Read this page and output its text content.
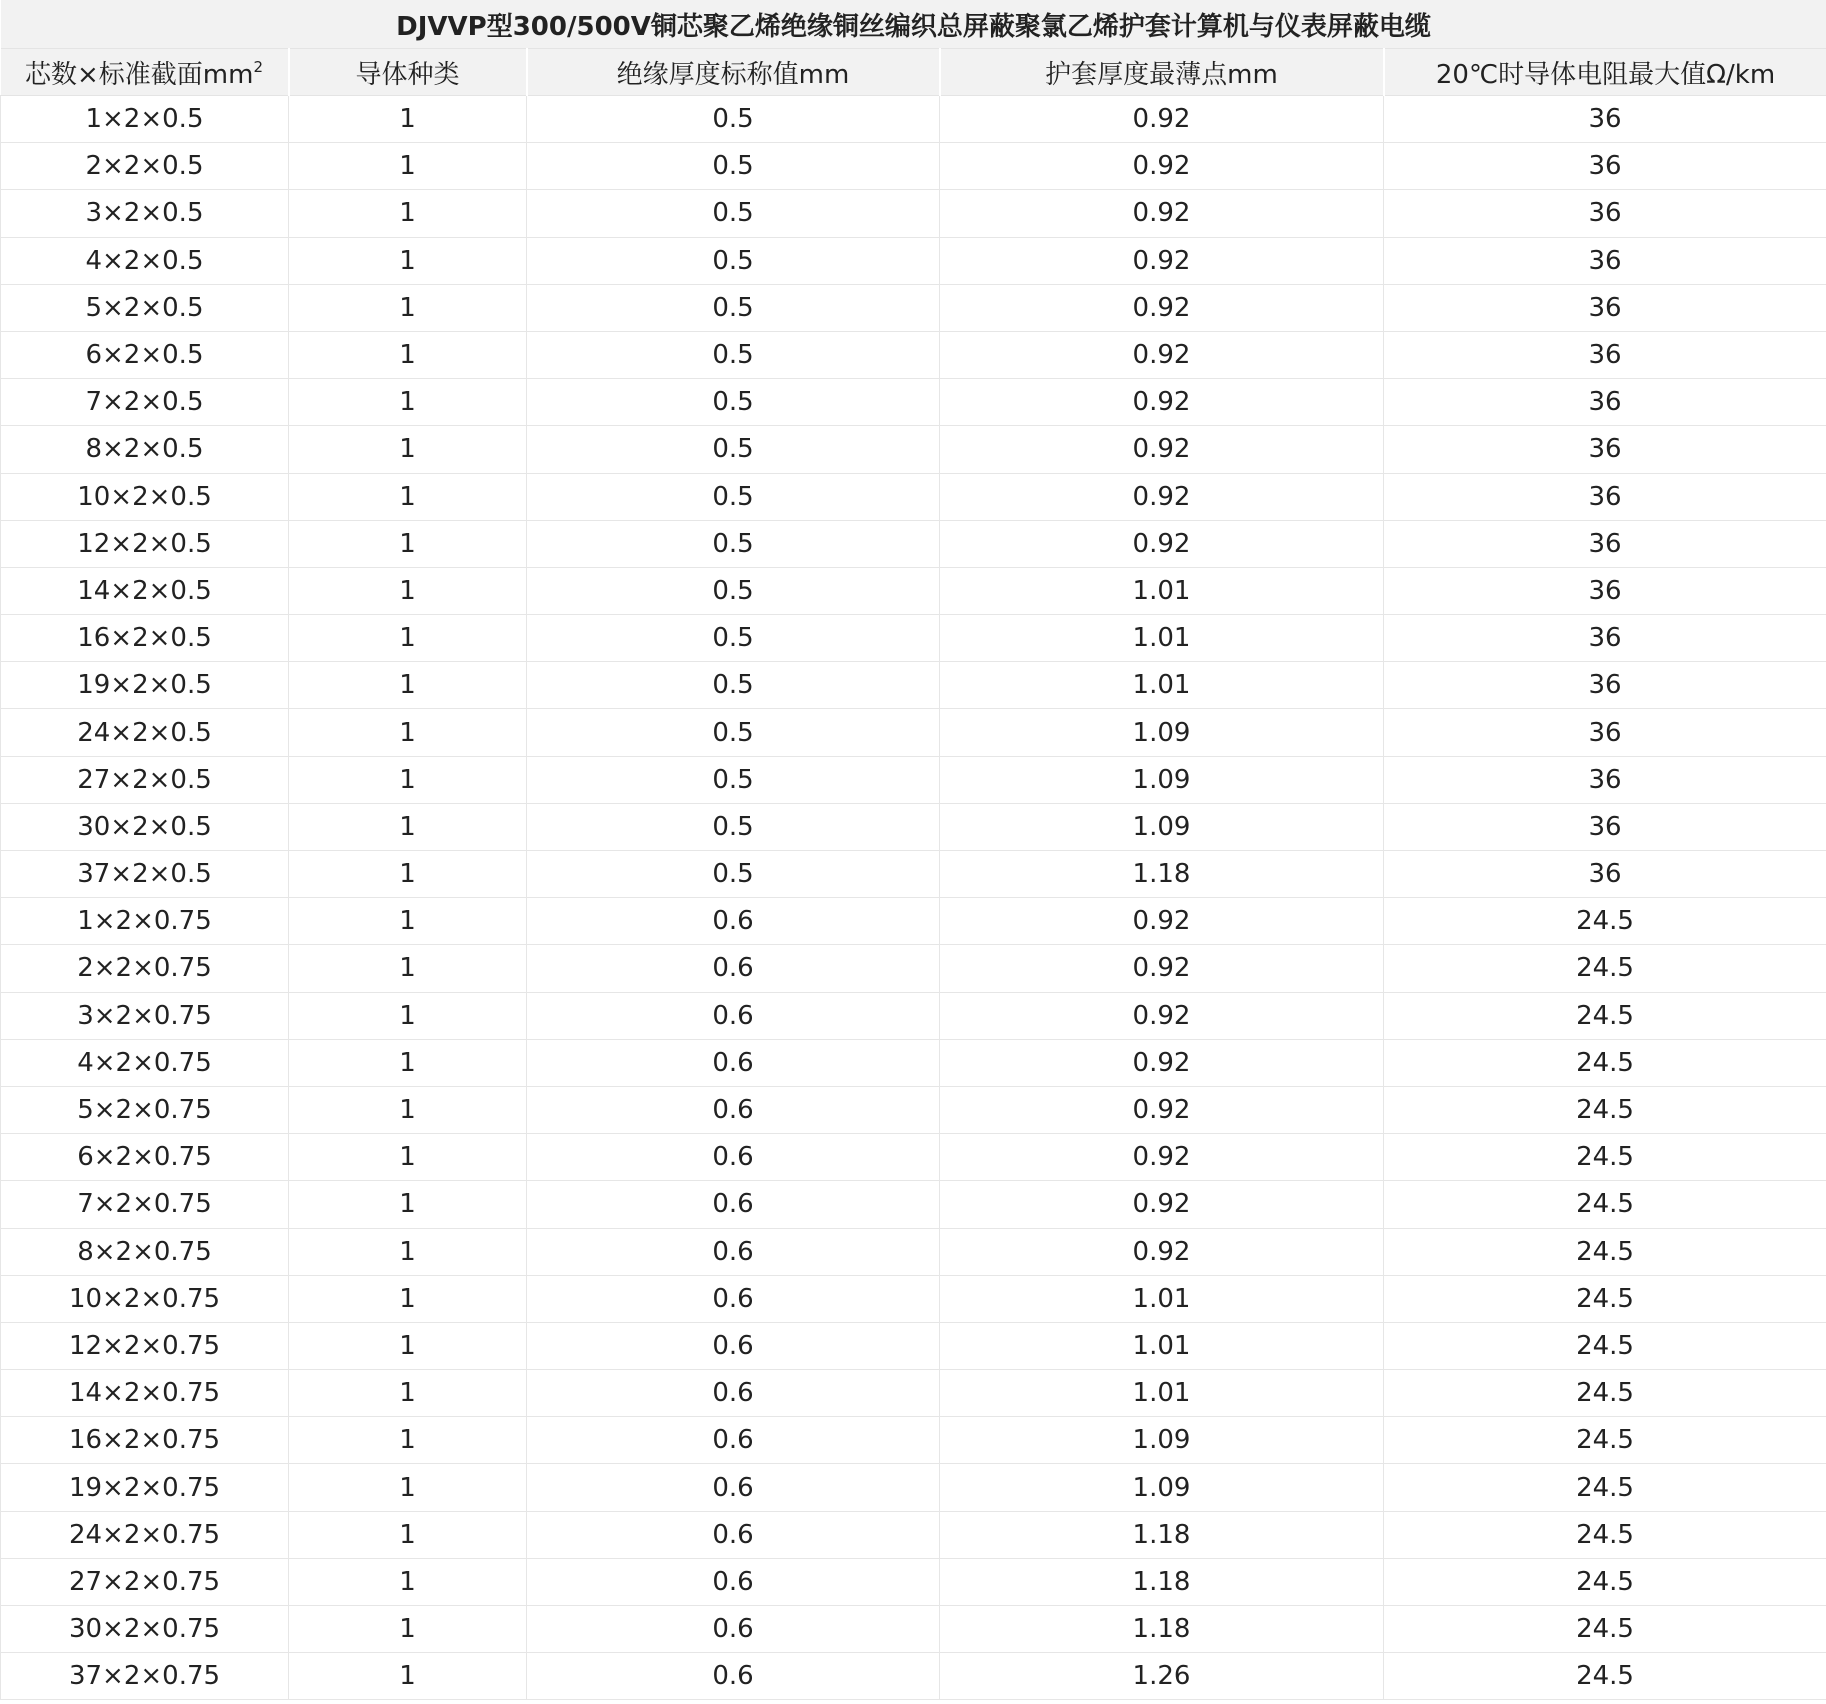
DJVVP型300/500V铜芯聚乙烯绝缘铜丝编织总屏蔽聚氯乙烯护套计算机与仪表屏蔽电缆				
芯数×标准截面$mm^2$	导体种类	绝缘厚度标称值mm	护套厚度最薄点mm	20℃时导体电阻最大值Ω/km
1×2×0.5	1	0.5	0.92	36
2×2×0.5	1	0.5	0.92	36
3×2×0.5	1	0.5	0.92	36
4×2×0.5	1	0.5	0.92	36
5×2×0.5	1	0.5	0.92	36
6×2×0.5	1	0.5	0.92	36
7×2×0.5	1	0.5	0.92	36
8×2×0.5	1	0.5	0.92	36
10×2×0.5	1	0.5	0.92	36
12×2×0.5	1	0.5	0.92	36
14×2×0.5	1	0.5	1.01	36
16×2×0.5	1	0.5	1.01	36
19×2×0.5	1	0.5	1.01	36
24×2×0.5	1	0.5	1.09	36
27×2×0.5	1	0.5	1.09	36
30×2×0.5	1	0.5	1.09	36
37×2×0.5	1	0.5	1.18	36
1×2×0.75	1	0.6	0.92	24.5
2×2×0.75	1	0.6	0.92	24.5
3×2×0.75	1	0.6	0.92	24.5
4×2×0.75	1	0.6	0.92	24.5
5×2×0.75	1	0.6	0.92	24.5
6×2×0.75	1	0.6	0.92	24.5
7×2×0.75	1	0.6	0.92	24.5
8×2×0.75	1	0.6	0.92	24.5
10×2×0.75	1	0.6	1.01	24.5
12×2×0.75	1	0.6	1.01	24.5
14×2×0.75	1	0.6	1.01	24.5
16×2×0.75	1	0.6	1.09	24.5
19×2×0.75	1	0.6	1.09	24.5
24×2×0.75	1	0.6	1.18	24.5
27×2×0.75	1	0.6	1.18	24.5
30×2×0.75	1	0.6	1.18	24.5
37×2×0.75	1	0.6	1.26	24.5
